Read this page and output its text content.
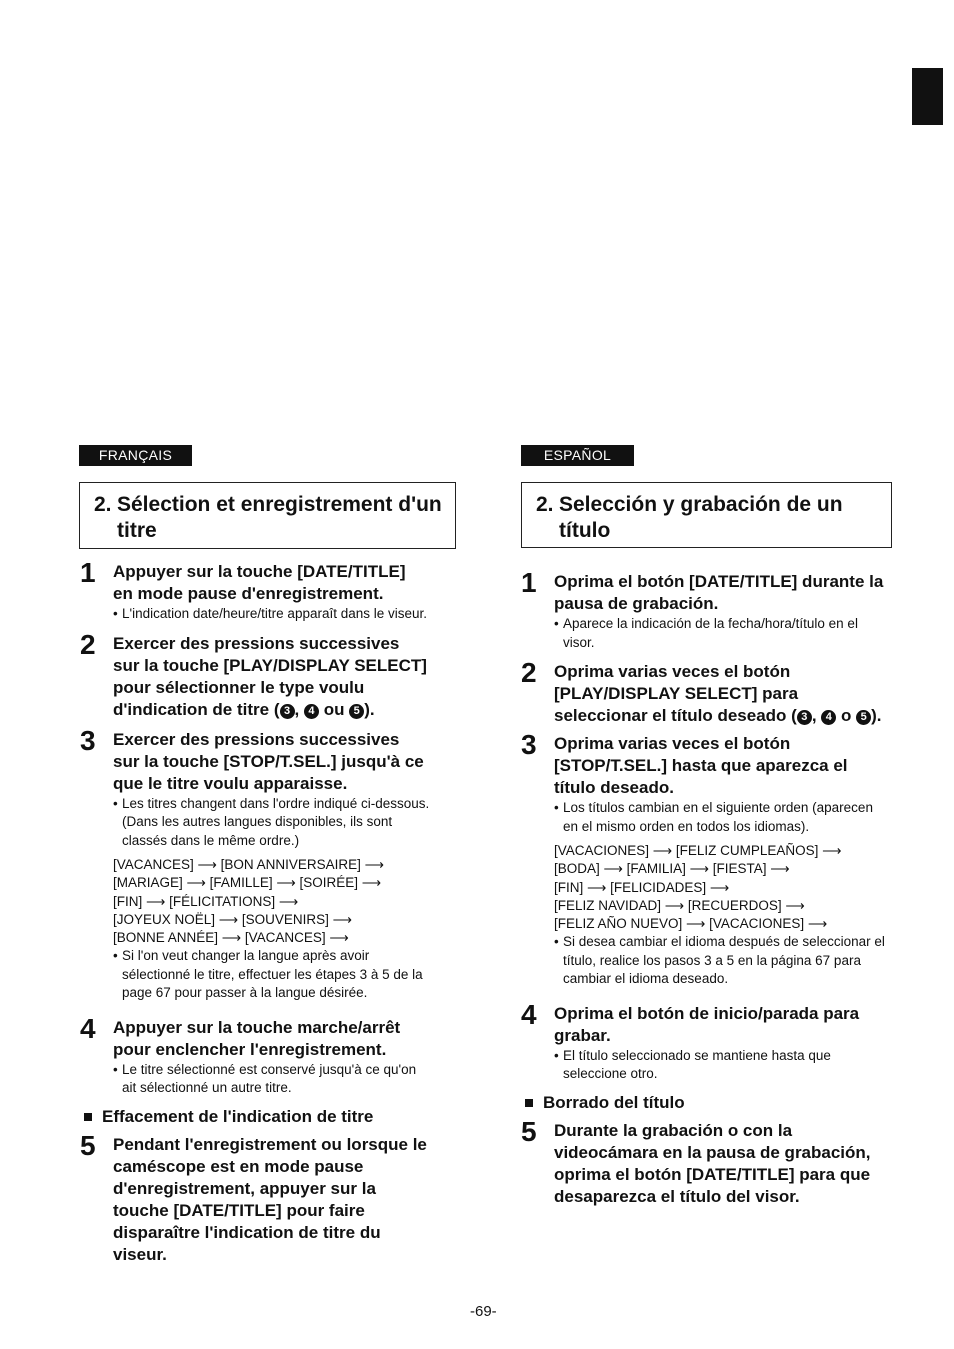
FRANÇAIS
2. Sélection et enregistrement d'un titre
1 Appuyer sur la touche [DATE/TITLE] en mode pause d'enregistrement.
• L'indication date/heure/titre apparaît dans le viseur.
2 Exercer des pressions successives sur la touche [PLAY/DISPLAY SELECT] pour sélectionner le type voulu d'indication de titre ( 3 , 4 ou 5 ).
3 Exercer des pressions successives sur la touche [STOP/T.SEL.] jusqu'à ce que le titre voulu apparaisse.
• Les titres changent dans l'ordre indiqué ci-dessous.
(Dans les autres langues disponibles, ils sont classés dans le même ordre.)
[VACANCES] ⟶ [BON ANNIVERSAIRE] ⟶
[MARIAGE] ⟶ [FAMILLE] ⟶ [SOIRÉE] ⟶
[FIN] ⟶ [FÉLICITATIONS] ⟶
[JOYEUX NOËL] ⟶ [SOUVENIRS] ⟶
[BONNE ANNÉE] ⟶ [VACANCES] ⟶
• Si l'on veut changer la langue après avoir sélectionné le titre, effectuer les étapes 3 à 5 de la page 67 pour passer à la langue désirée.
4 Appuyer sur la touche marche/arrêt pour enclencher l'enregistrement.
• Le titre sélectionné est conservé jusqu'à ce qu'on ait sélectionné un autre titre.
Effacement de l'indication de titre
5 Pendant l'enregistrement ou lorsque le caméscope est en mode pause d'enregistrement, appuyer sur la touche [DATE/TITLE] pour faire disparaître l'indication de titre du viseur.
ESPAÑOL
2. Selección y grabación de un título
1 Oprima el botón [DATE/TITLE] durante la pausa de grabación.
• Aparece la indicación de la fecha/hora/título en el visor.
2 Oprima varias veces el botón [PLAY/DISPLAY SELECT] para seleccionar el título deseado ( 3 , 4 o 5 ).
3 Oprima varias veces el botón [STOP/T.SEL.] hasta que aparezca el título deseado.
• Los títulos cambian en el siguiente orden (aparecen en el mismo orden en todos los idiomas).
[VACACIONES] ⟶ [FELIZ CUMPLEAÑOS] ⟶
[BODA] ⟶ [FAMILIA] ⟶ [FIESTA] ⟶
[FIN] ⟶ [FELICIDADES] ⟶
[FELIZ NAVIDAD] ⟶ [RECUERDOS] ⟶
[FELIZ AÑO NUEVO] ⟶ [VACACIONES] ⟶
• Si desea cambiar el idioma después de seleccionar el título, realice los pasos 3 a 5 en la página 67 para cambiar el idioma deseado.
4 Oprima el botón de inicio/parada para grabar.
• El título seleccionado se mantiene hasta que seleccione otro.
Borrado del título
5 Durante la grabación o con la videocámara en la pausa de grabación, oprima el botón [DATE/TITLE] para que desaparezca el título del visor.
-69-
